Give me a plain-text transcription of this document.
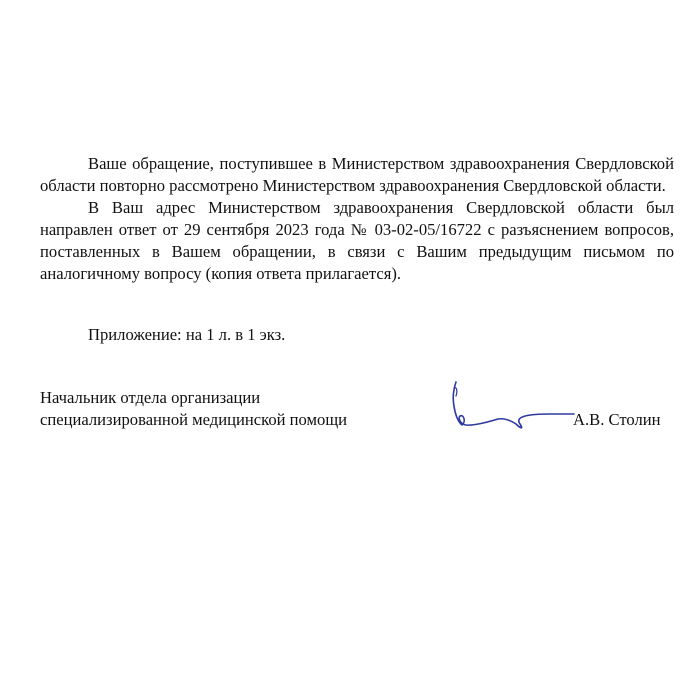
Ваше обращение, поступившее в Министерством здравоохранения Свердловской области повторно рассмотрено Министерством здравоохранения Свердловской области.

В Ваш адрес Министерством здравоохранения Свердловской области был направлен ответ от 29 сентября 2023 года № 03-02-05/16722 с разъяснением вопросов, поставленных в Вашем обращении, в связи с Вашим предыдущим письмом по аналогичному вопросу (копия ответа прилагается).

Приложение: на 1 л. в 1 экз.
Начальник отдела организации
специализированной медицинской помощи	А.В. Столин
